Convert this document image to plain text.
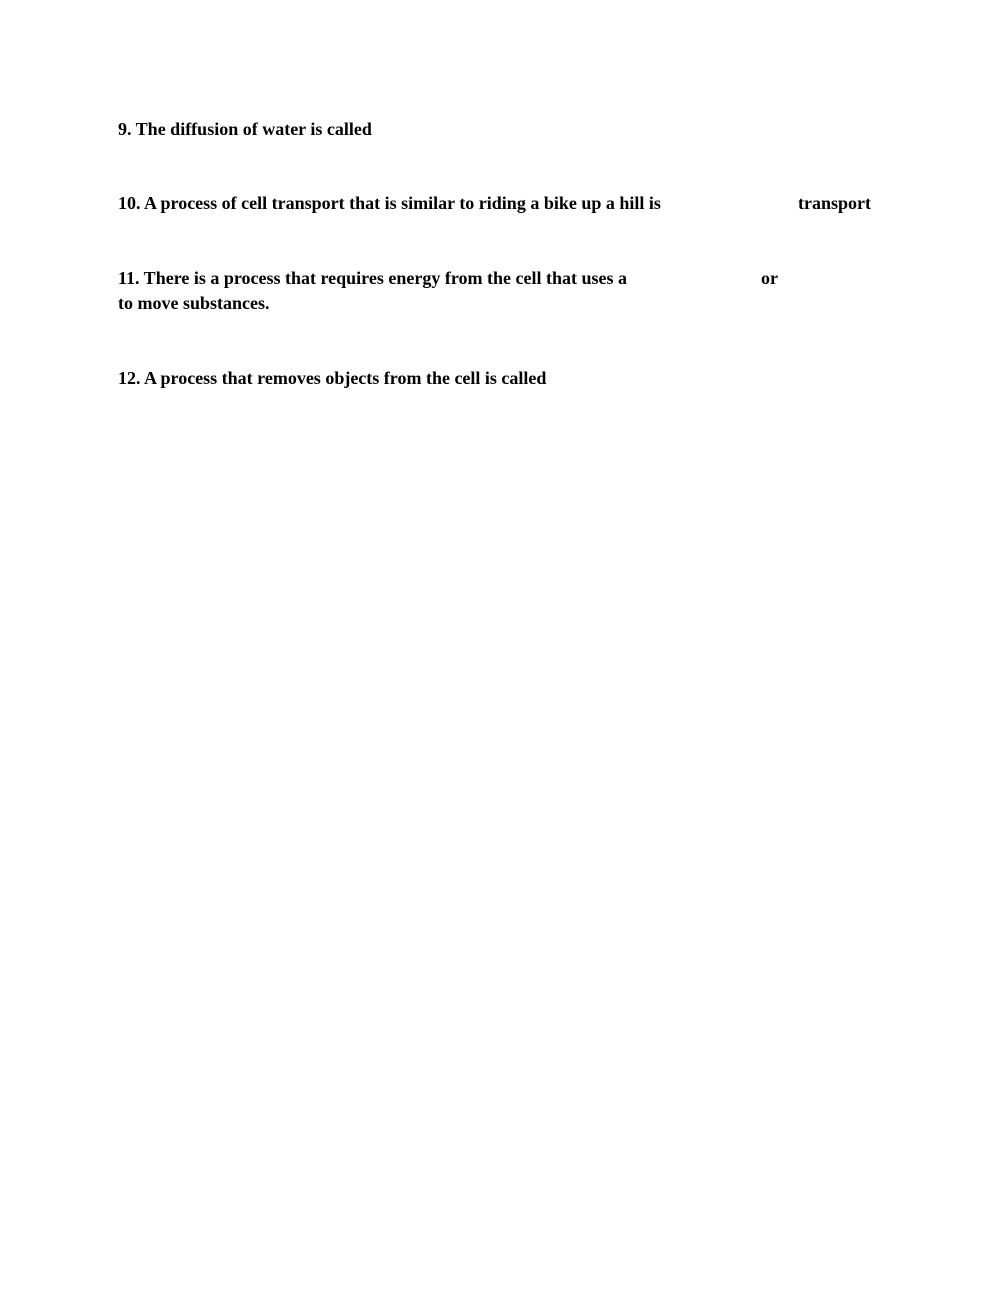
9. The diffusion of water is called
10. A process of cell transport that is similar to riding a bike up a hill is	transport
11. There is a process that requires energy from the cell that uses a	or
to move substances.
12. A process that removes objects from the cell is called
